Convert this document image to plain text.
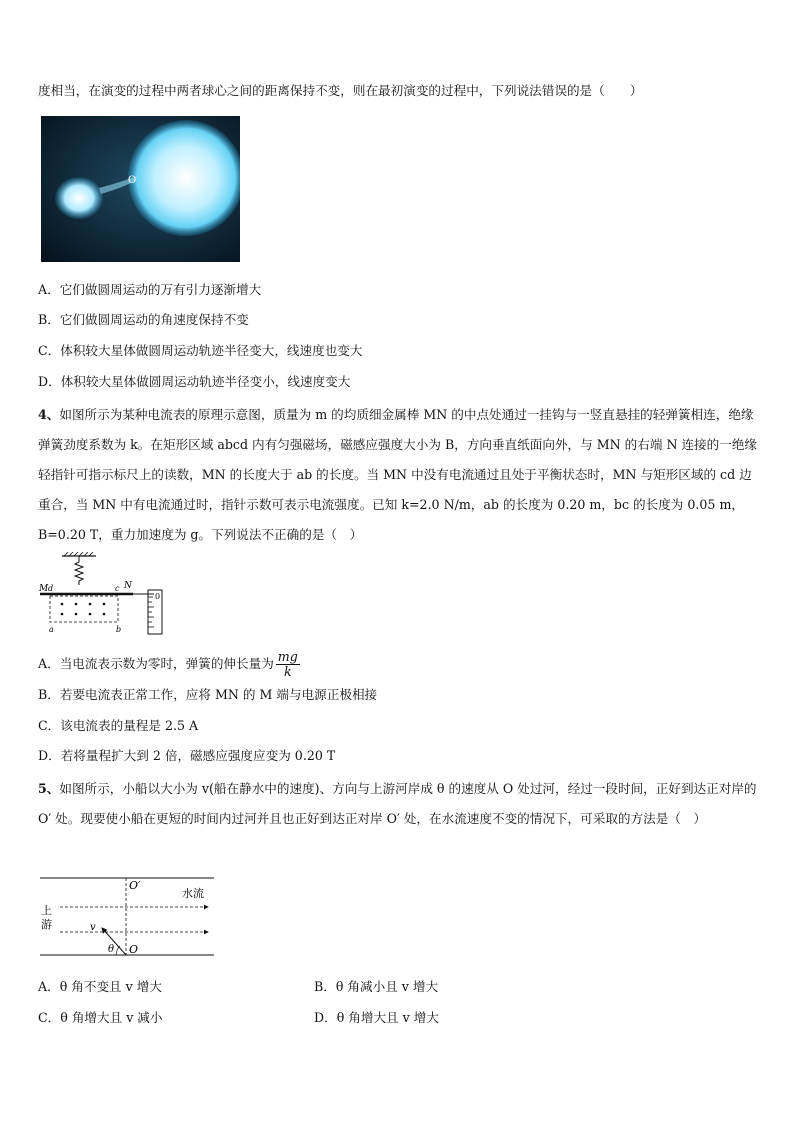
度相当，在演变的过程中两者球心之间的距离保持不变，则在最初演变的过程中，下列说法错误的是（　　）
O
A．它们做圆周运动的万有引力逐渐增大
B．它们做圆周运动的角速度保持不变
C．体积较大星体做圆周运动轨迹半径变大，线速度也变大
D．体积较大星体做圆周运动轨迹半径变小，线速度变大
4、如图所示为某种电流表的原理示意图，质量为 m 的均质细金属棒 MN 的中点处通过一挂钩与一竖直悬挂的轻弹簧相连，绝缘弹簧劲度系数为 k。在矩形区域 abcd 内有匀强磁场，磁感应强度大小为 B，方向垂直纸面向外，与 MN 的右端 N 连接的一绝缘轻指针可指示标尺上的读数，MN 的长度大于 ab 的长度。当 MN 中没有电流通过且处于平衡状态时，MN 与矩形区域的 cd 边重合，当 MN 中有电流通过时，指针示数可表示电流强度。已知 k=2.0 N/m，ab 的长度为 0.20 m，bc 的长度为 0.05 m，B=0.20 T，重力加速度为 g。下列说法不正确的是（　）
0
M d	c N
a	b
A．当电流表示数为零时，弹簧的伸长量为 $\frac{mg}{k}$
B．若要电流表正常工作，应将 MN 的 M 端与电源正极相接
C．该电流表的量程是 2.5 A
D．若将量程扩大到 2 倍，磁感应强度应变为 0.20 T
5、如图所示，小船以大小为 v(船在静水中的速度)、方向与上游河岸成 θ 的速度从 O 处过河，经过一段时间，正好到达正对岸的 O′ 处。现要使小船在更短的时间内过河并且也正好到达正对岸 O′ 处，在水流速度不变的情况下，可采取的方法是（　）
O′
O
水流
上
游	v
θ
A．θ 角不变且 v 增大	B．θ 角减小且 v 增大
C．θ 角增大且 v 减小	D．θ 角增大且 v 增大
